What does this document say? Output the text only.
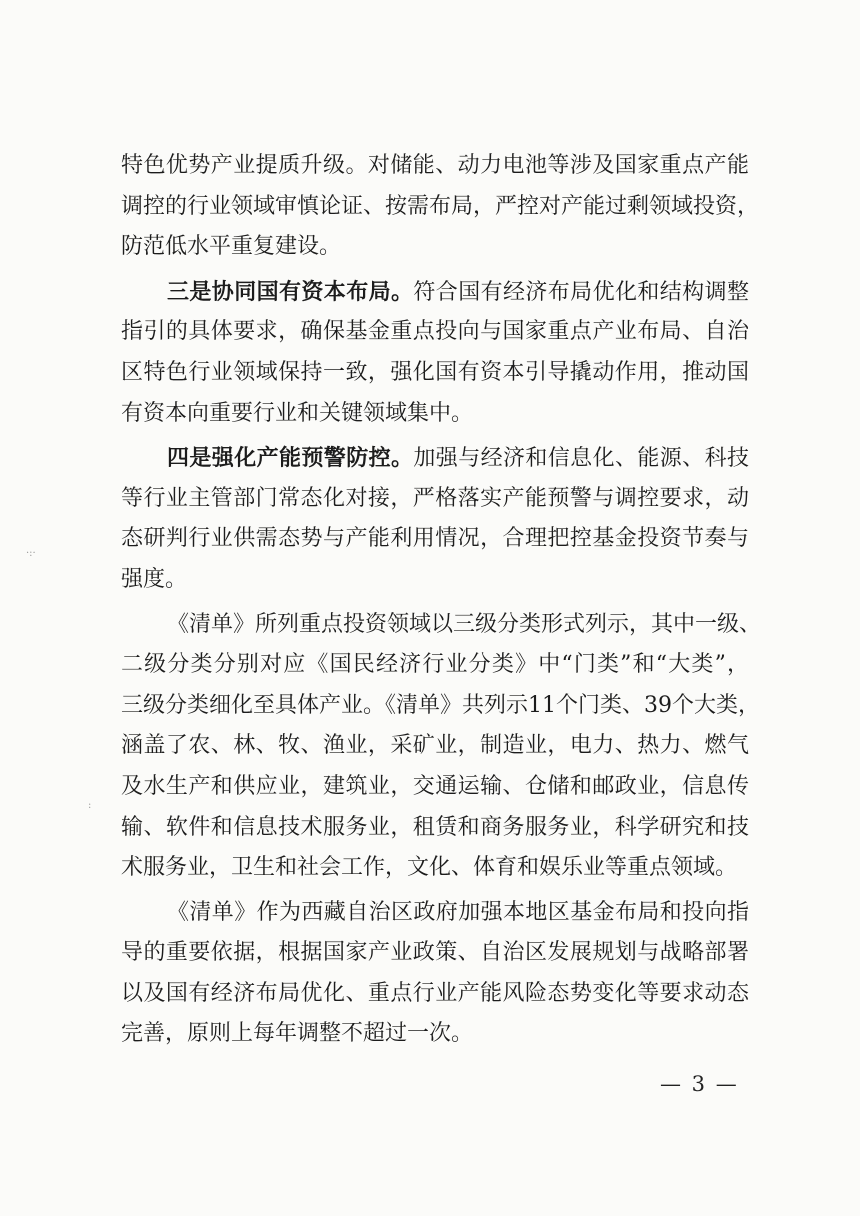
特色优势产业提质升级。对储能、动力电池等涉及国家重点产能
调控的行业领域审慎论证、按需布局，严控对产能过剩领域投资，
防范低水平重复建设。
三是协同国有资本布局。符合国有经济布局优化和结构调整
指引的具体要求，确保基金重点投向与国家重点产业布局、自治
区特色行业领域保持一致，强化国有资本引导撬动作用，推动国
有资本向重要行业和关键领域集中。
四是强化产能预警防控。加强与经济和信息化、能源、科技
等行业主管部门常态化对接，严格落实产能预警与调控要求，动
态研判行业供需态势与产能利用情况，合理把控基金投资节奏与
强度。
《清单》所列重点投资领域以三级分类形式列示，其中一级、
二级分类分别对应《国民经济行业分类》中“门类”和“大类”，
三级分类细化至具体产业。《清单》共列示11个门类、39个大类，
涵盖了农、林、牧、渔业，采矿业，制造业，电力、热力、燃气
及水生产和供应业，建筑业，交通运输、仓储和邮政业，信息传
输、软件和信息技术服务业，租赁和商务服务业，科学研究和技
术服务业，卫生和社会工作，文化、体育和娱乐业等重点领域。
《清单》作为西藏自治区政府加强本地区基金布局和投向指
导的重要依据，根据国家产业政策、自治区发展规划与战略部署
以及国有经济布局优化、重点行业产能风险态势变化等要求动态
完善，原则上每年调整不超过一次。
·:·
:
— 3 —
